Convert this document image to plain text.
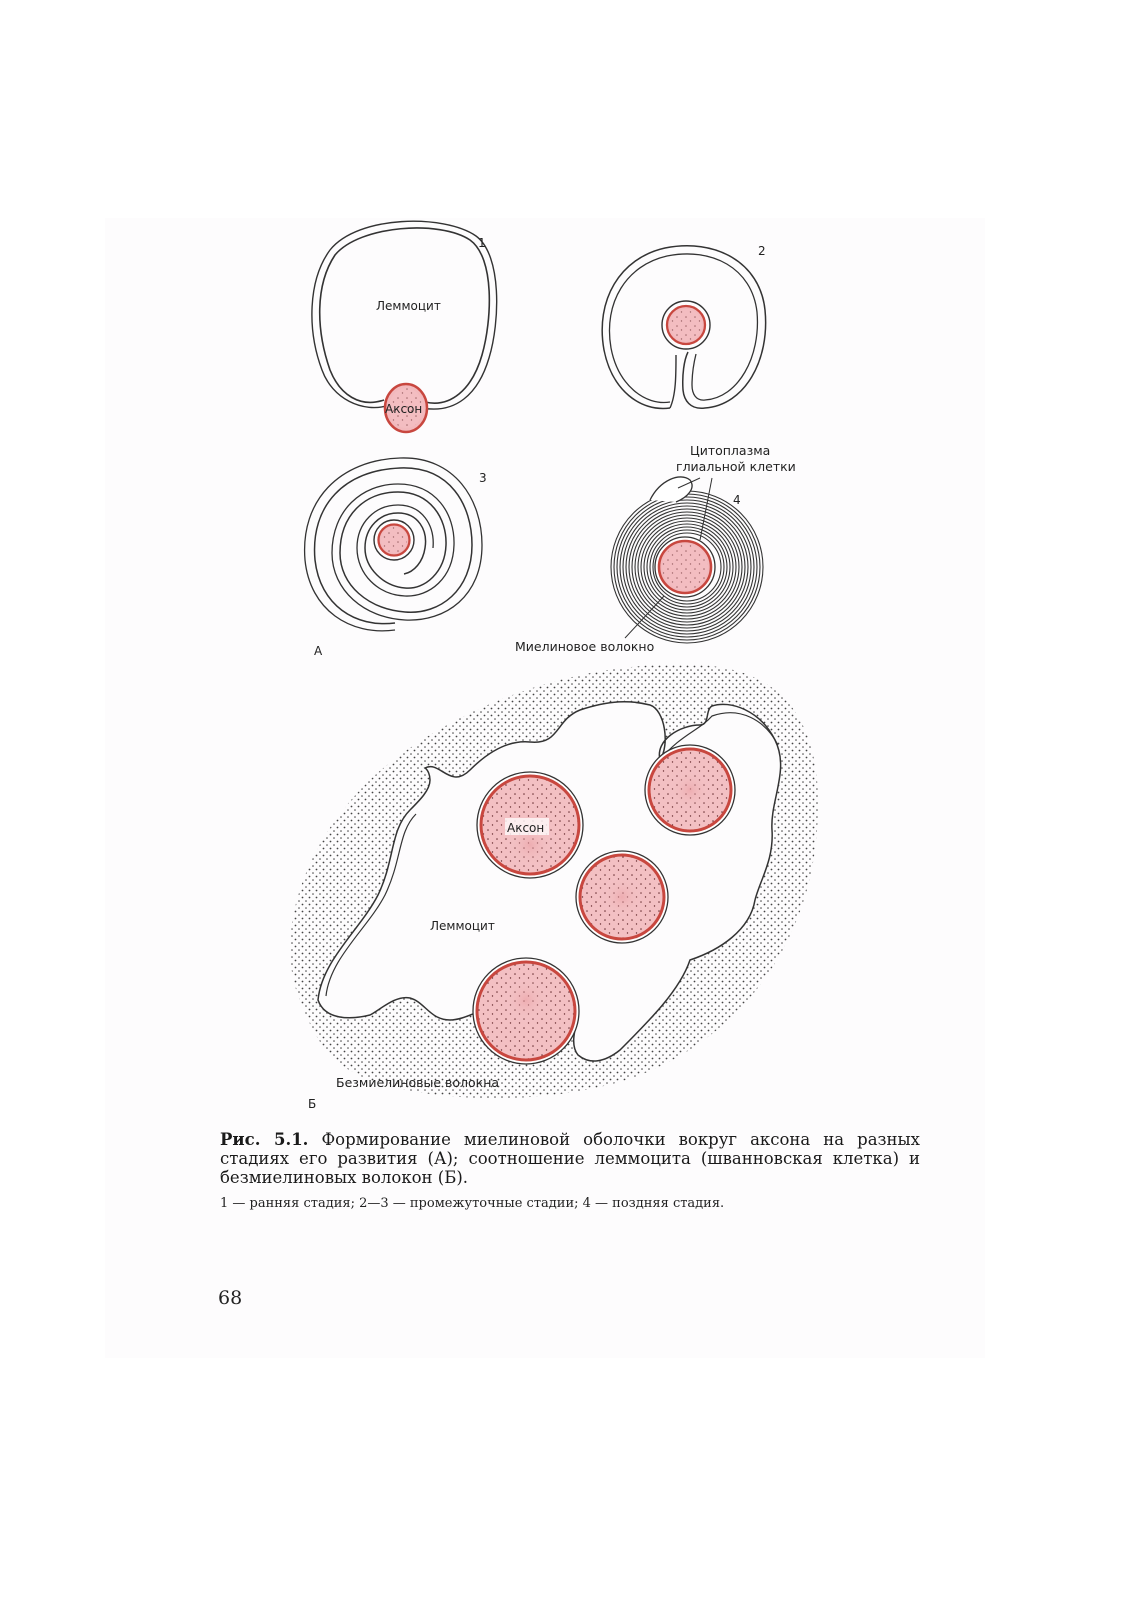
Леммоцит
Аксон
1
2
3
А
Цитоплазма
глиальной клетки
4
Миелиновое волокно
Аксон
Леммоцит
Безмиелиновые волокна
Б
Рис. 5.1. Формирование миелиновой оболочки вокруг аксона на разных стадиях его развития (А); соотношение леммоцита (шванновская клетка) и безмиелиновых волокон (Б).
1 — ранняя стадия; 2—3 — промежуточные стадии; 4 — поздняя стадия.
68
